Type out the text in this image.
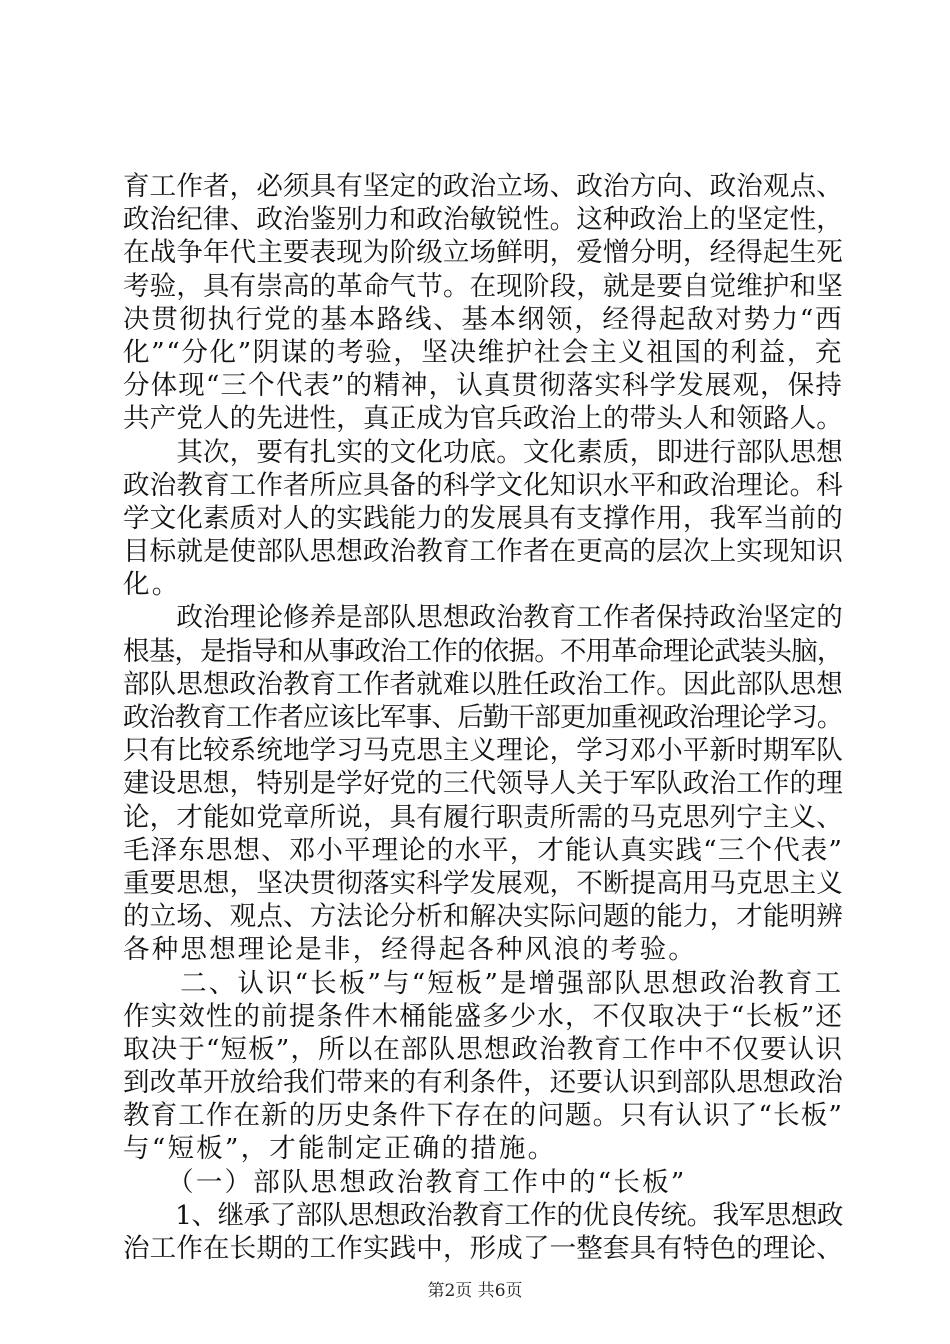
育工作者，必须具有坚定的政治立场、政治方向、政治观点、
政治纪律、政治鉴别力和政治敏锐性。这种政治上的坚定性，
在战争年代主要表现为阶级立场鲜明，爱憎分明，经得起生死
考验，具有崇高的革命气节。在现阶段，就是要自觉维护和坚
决贯彻执行党的基本路线、基本纲领，经得起敌对势力“西
化”“分化”阴谋的考验，坚决维护社会主义祖国的利益，充
分体现“三个代表”的精神，认真贯彻落实科学发展观，保持
共产党人的先进性，真正成为官兵政治上的带头人和领路人。
　　其次，要有扎实的文化功底。文化素质，即进行部队思想
政治教育工作者所应具备的科学文化知识水平和政治理论。科
学文化素质对人的实践能力的发展具有支撑作用，我军当前的
目标就是使部队思想政治教育工作者在更高的层次上实现知识
化。
　　政治理论修养是部队思想政治教育工作者保持政治坚定的
根基，是指导和从事政治工作的依据。不用革命理论武装头脑，
部队思想政治教育工作者就难以胜任政治工作。因此部队思想
政治教育工作者应该比军事、后勤干部更加重视政治理论学习。
只有比较系统地学习马克思主义理论，学习邓小平新时期军队
建设思想，特别是学好党的三代领导人关于军队政治工作的理
论，才能如党章所说，具有履行职责所需的马克思列宁主义、
毛泽东思想、邓小平理论的水平，才能认真实践“三个代表”
重要思想，坚决贯彻落实科学发展观，不断提高用马克思主义
的立场、观点、方法论分析和解决实际问题的能力，才能明辨
各种思想理论是非，经得起各种风浪的考验。
　　二、认识“长板”与“短板”是增强部队思想政治教育工
作实效性的前提条件木桶能盛多少水，不仅取决于“长板”还
取决于“短板”，所以在部队思想政治教育工作中不仅要认识
到改革开放给我们带来的有利条件，还要认识到部队思想政治
教育工作在新的历史条件下存在的问题。只有认识了“长板”
与“短板”，才能制定正确的措施。
　　（一）部队思想政治教育工作中的“长板”
　　1、继承了部队思想政治教育工作的优良传统。我军思想政
治工作在长期的工作实践中，形成了一整套具有特色的理论、
第2页 共6页
